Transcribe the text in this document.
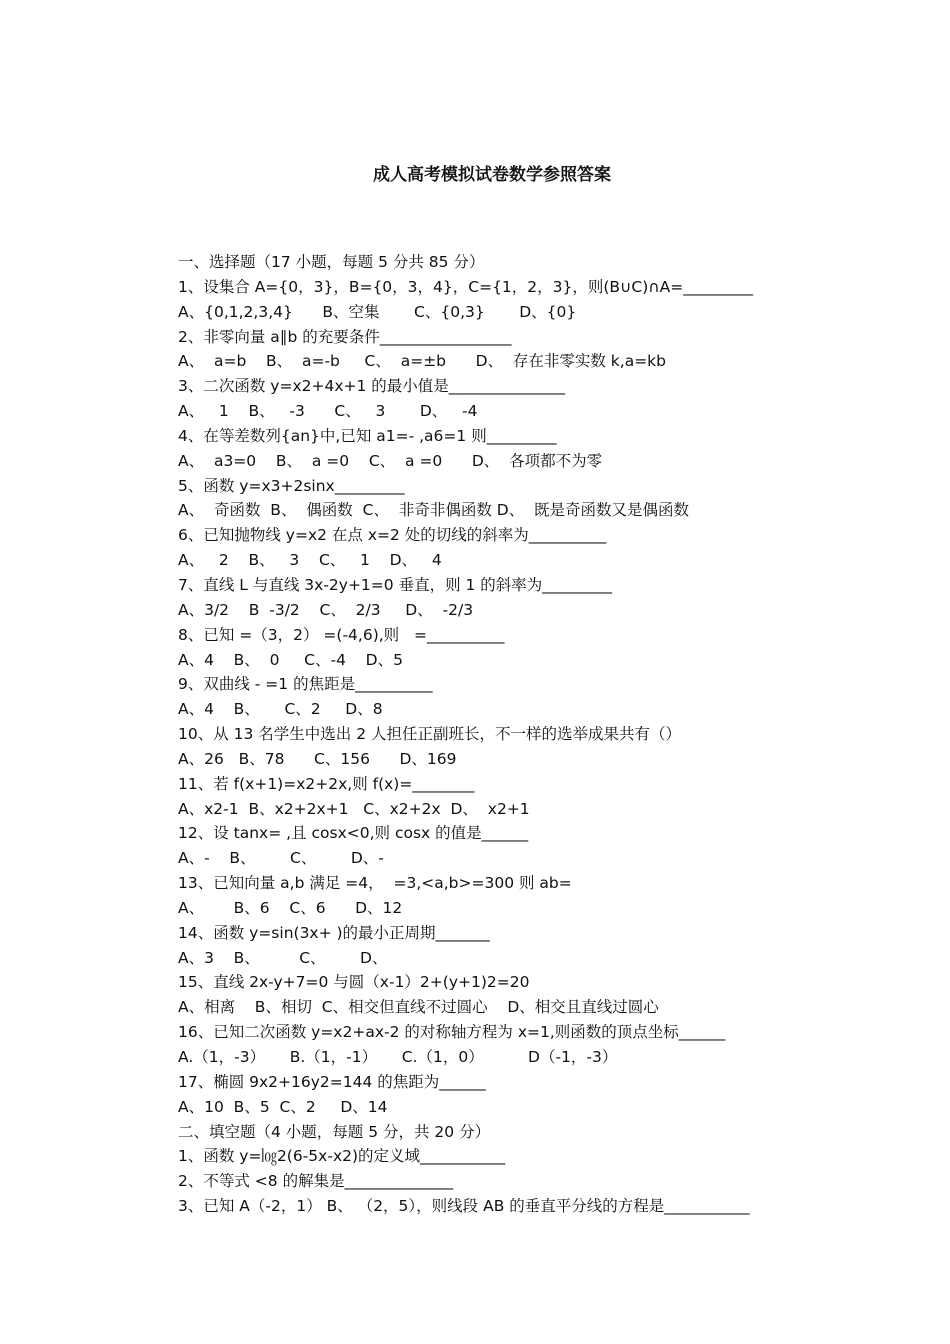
成人高考模拟试卷数学参照答案

一、选择题（17 小题，每题 5 分共 85 分）

1、设集合 A={0，3}，B={0，3，4}，C={1，2，3}，则(B∪C)∩A=_________

A、{0,1,2,3,4}      B、空集       C、{0,3}       D、{0}

2、非零向量 a∥b 的充要条件_________________

A、  a=b    B、  a=-b     C、  a=±b      D、  存在非零实数 k,a=kb

3、二次函数 y=x2+4x+1 的最小值是_______________

A、   1    B、   -3      C、   3       D、   -4

4、在等差数列{an}中,已知 a1=- ,a6=1 则_________

A、  a3=0    B、  a =0    C、  a =0      D、  各项都不为零

5、函数 y=x3+2sinx_________

A、  奇函数  B、  偶函数  C、  非奇非偶函数 D、  既是奇函数又是偶函数

6、已知抛物线 y=x2 在点 x=2 处的切线的斜率为__________

A、   2    B、   3    C、   1    D、   4

7、直线 L 与直线 3x-2y+1=0 垂直，则 1 的斜率为_________

A、3/2    B  -3/2    C、  2/3     D、  -2/3

8、已知 =（3，2） =(-4,6),则   =__________

A、4    B、  0     C、-4    D、5

9、双曲线 - =1 的焦距是__________

A、4    B、     C、2     D、8

10、从 13 名学生中选出 2 人担任正副班长，不一样的选举成果共有（）

A、26   B、78      C、156      D、169

11、若 f(x+1)=x2+2x,则 f(x)=________

A、x2-1  B、x2+2x+1   C、x2+2x  D、  x2+1

12、设 tanx= ,且 cosx<0,则 cosx 的值是______

A、-    B、       C、       D、-

13、已知向量 a,b 满足 =4，  =3,<a,b>=300 则 ab=

A、      B、6    C、6      D、12

14、函数 y=sin(3x+ )的最小正周期_______

A、3    B、        C、       D、

15、直线 2x-y+7=0 与圆（x-1）2+(y+1)2=20

A、相离    B、相切  C、相交但直线不过圆心    D、相交且直线过圆心

16、已知二次函数 y=x2+ax-2 的对称轴方程为 x=1,则函数的顶点坐标______

A.（1，-3）     B.（1，-1）     C.（1，0）         D（-1，-3）

17、椭圆 9x2+16y2=144 的焦距为______

A、10  B、5  C、2     D、14

二、填空题（4 小题，每题 5 分，共 20 分）

1、函数 y=㏒2(6-5x-x2)的定义域___________

2、不等式 <8 的解集是______________

3、已知 A（-2，1） B、 （2，5），则线段 AB 的垂直平分线的方程是___________
